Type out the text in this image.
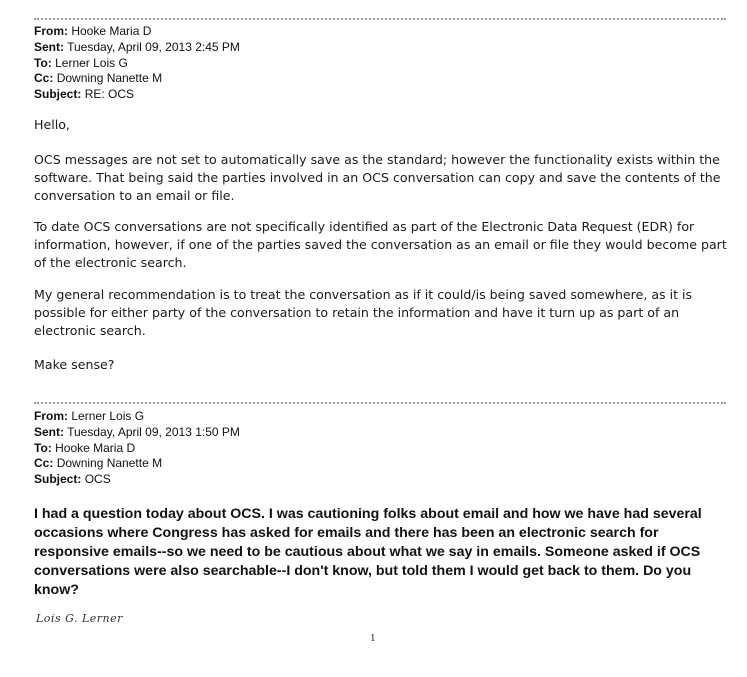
From: Hooke Maria D
Sent: Tuesday, April 09, 2013 2:45 PM
To: Lerner Lois G
Cc: Downing Nanette M
Subject: RE: OCS

Hello,

OCS messages are not set to automatically save as the standard; however the functionality exists within the software. That being said the parties involved in an OCS conversation can copy and save the contents of the conversation to an email or file.

To date OCS conversations are not specifically identified as part of the Electronic Data Request (EDR) for information, however, if one of the parties saved the conversation as an email or file they would become part of the electronic search.

My general recommendation is to treat the conversation as if it could/is being saved somewhere, as it is possible for either party of the conversation to retain the information and have it turn up as part of an electronic search.

Make sense?

From: Lerner Lois G
Sent: Tuesday, April 09, 2013 1:50 PM
To: Hooke Maria D
Cc: Downing Nanette M
Subject: OCS
I had a question today about OCS. I was cautioning folks about email and how we have had several occasions where Congress has asked for emails and there has been an electronic search for responsive emails--so we need to be cautious about what we say in emails. Someone asked if OCS conversations were also searchable--I don't know, but told them I would get back to them. Do you know?
Lois G. Lerner
1
